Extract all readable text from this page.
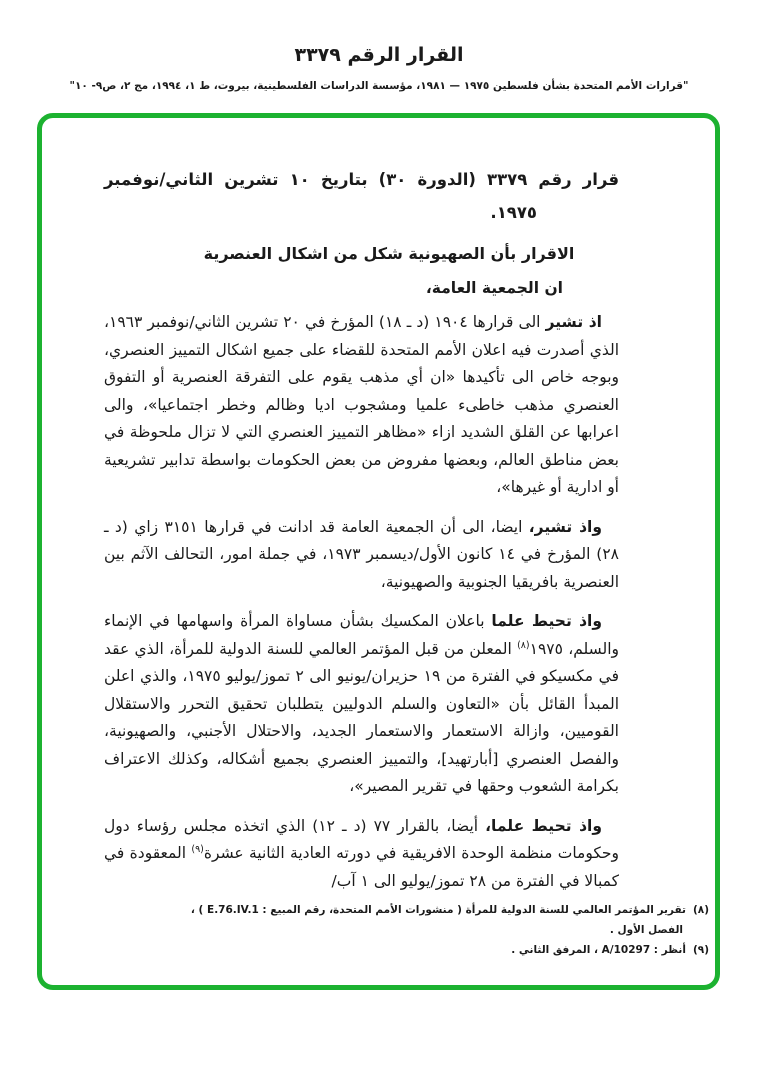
القرار الرقم ٣٣٧٩
"قرارات الأمم المتحدة بشأن فلسطين ١٩٧٥ — ١٩٨١، مؤسسة الدراسات الفلسطينية، بيروت، ط ١، ١٩٩٤، مج ٢، ص٩- ١٠"
قرار رقم ٣٣٧٩ (الدورة ٣٠) بتاريخ ١٠ تشرين الثاني/نوفمبر
١٩٧٥.
الاقرار بأن الصهيونية شكل من اشكال العنصرية
ان الجمعية العامة،
اذ تشير الى قرارها ١٩٠٤ (د ـ ١٨) المؤرخ في ٢٠ تشرين الثاني/نوفمبر ١٩٦٣، الذي أصدرت فيه اعلان الأمم المتحدة للقضاء على جميع اشكال التمييز العنصري، وبوجه خاص الى تأكيدها «ان أي مذهب يقوم على التفرقة العنصرية أو التفوق العنصري مذهب خاطىء علميا ومشجوب اديا وظالم وخطر اجتماعيا»، والى اعرابها عن القلق الشديد ازاء «مظاهر التمييز العنصري التي لا تزال ملحوظة في بعض مناطق العالم، وبعضها مفروض من بعض الحكومات بواسطة تدابير تشريعية أو ادارية أو غيرها»،
واذ تشير، ايضا، الى أن الجمعية العامة قد ادانت في قرارها ٣١٥١ زاي (د ـ ٢٨) المؤرخ في ١٤ كانون الأول/ديسمبر ١٩٧٣، في جملة امور، التحالف الآثم بين العنصرية بافريقيا الجنوبية والصهيونية،
واذ تحيط علما باعلان المكسيك بشأن مساواة المرأة واسهامها في الإنماء والسلم، ١٩٧٥$^{(٨)}$ المعلن من قبل المؤتمر العالمي للسنة الدولية للمرأة، الذي عقد في مكسيكو في الفترة من ١٩ حزيران/يونيو الى ٢ تموز/يوليو ١٩٧٥، والذي اعلن المبدأ القائل بأن «التعاون والسلم الدوليين يتطلبان تحقيق التحرر والاستقلال القوميين، وازالة الاستعمار والاستعمار الجديد، والاحتلال الأجنبي، والصهيونية، والفصل العنصري [أبارتهيد]، والتمييز العنصري بجميع أشكاله، وكذلك الاعتراف بكرامة الشعوب وحقها في تقرير المصير»،
واذ تحيط علما، أيضا، بالقرار ٧٧ (د ـ ١٢) الذي اتخذه مجلس رؤساء دول وحكومات منظمة الوحدة الافريقية في دورته العادية الثانية عشرة$^{(٩)}$ المعقودة في كمبالا في الفترة من ٢٨ تموز/يوليو الى ١ آب/
(٨)تقرير المؤتمر العالمي للسنة الدولية للمرأة ( منشورات الأمم المتحدة، رقم المبيع : E.76.IV.1 ) ،
الفصل الأول .
(٩)أنظر : A/10297 ، المرفق الثاني .
